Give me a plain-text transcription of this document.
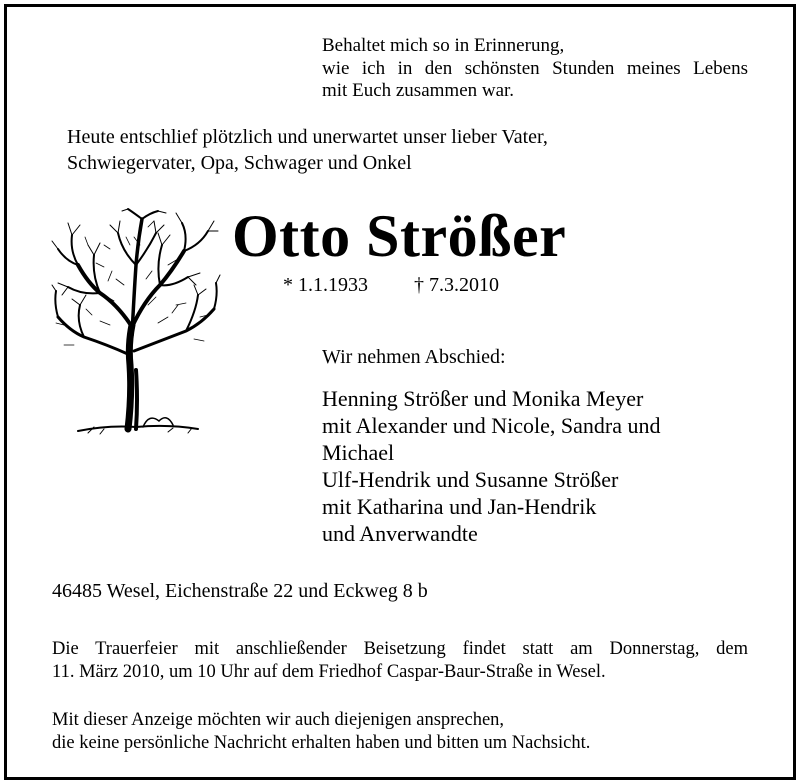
Behaltet mich so in Erinnerung,
wie ich in den schönsten Stunden meines Lebens
mit Euch zusammen war.
Heute entschlief plötzlich und unerwartet unser lieber Vater,
Schwiegervater, Opa, Schwager und Onkel
Otto Strößer
* 1.1.1933 † 7.3.2010
Wir nehmen Abschied:
Henning Strößer und Monika Meyer
mit Alexander und Nicole, Sandra und
Michael
Ulf-Hendrik und Susanne Strößer
mit Katharina und Jan-Hendrik
und Anverwandte
46485 Wesel, Eichenstraße 22 und Eckweg 8 b
Die Trauerfeier mit anschließender Beisetzung findet statt am Donnerstag, dem
11. März 2010, um 10 Uhr auf dem Friedhof Caspar-Baur-Straße in Wesel.
Mit dieser Anzeige möchten wir auch diejenigen ansprechen,
die keine persönliche Nachricht erhalten haben und bitten um Nachsicht.
